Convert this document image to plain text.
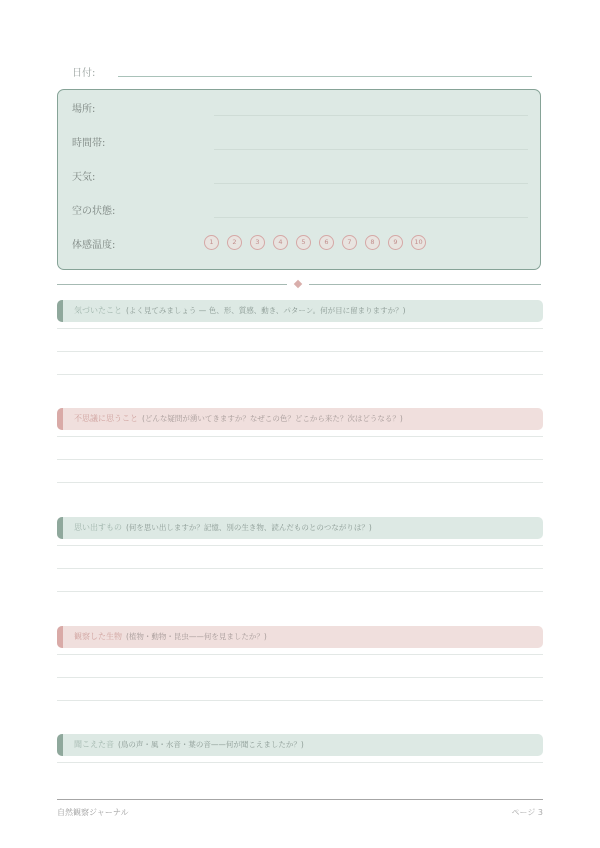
日付:
場所:
時間帯:
天気:
空の状態:
体感温度:	1	2	3	4	5	6	7	8	9	10
気づいたこと (よく見てみましょう — 色、形、質感、動き、パターン。何が目に留まりますか？)
不思議に思うこと (どんな疑問が湧いてきますか？なぜこの色？どこから来た？次はどうなる？)
思い出すもの (何を思い出しますか？記憶、別の生き物、読んだものとのつながりは？)
観察した生物 (植物・動物・昆虫——何を見ましたか？)
聞こえた音 (鳥の声・風・水音・葉の音——何が聞こえましたか？)
自然観察ジャーナル	ページ 3
